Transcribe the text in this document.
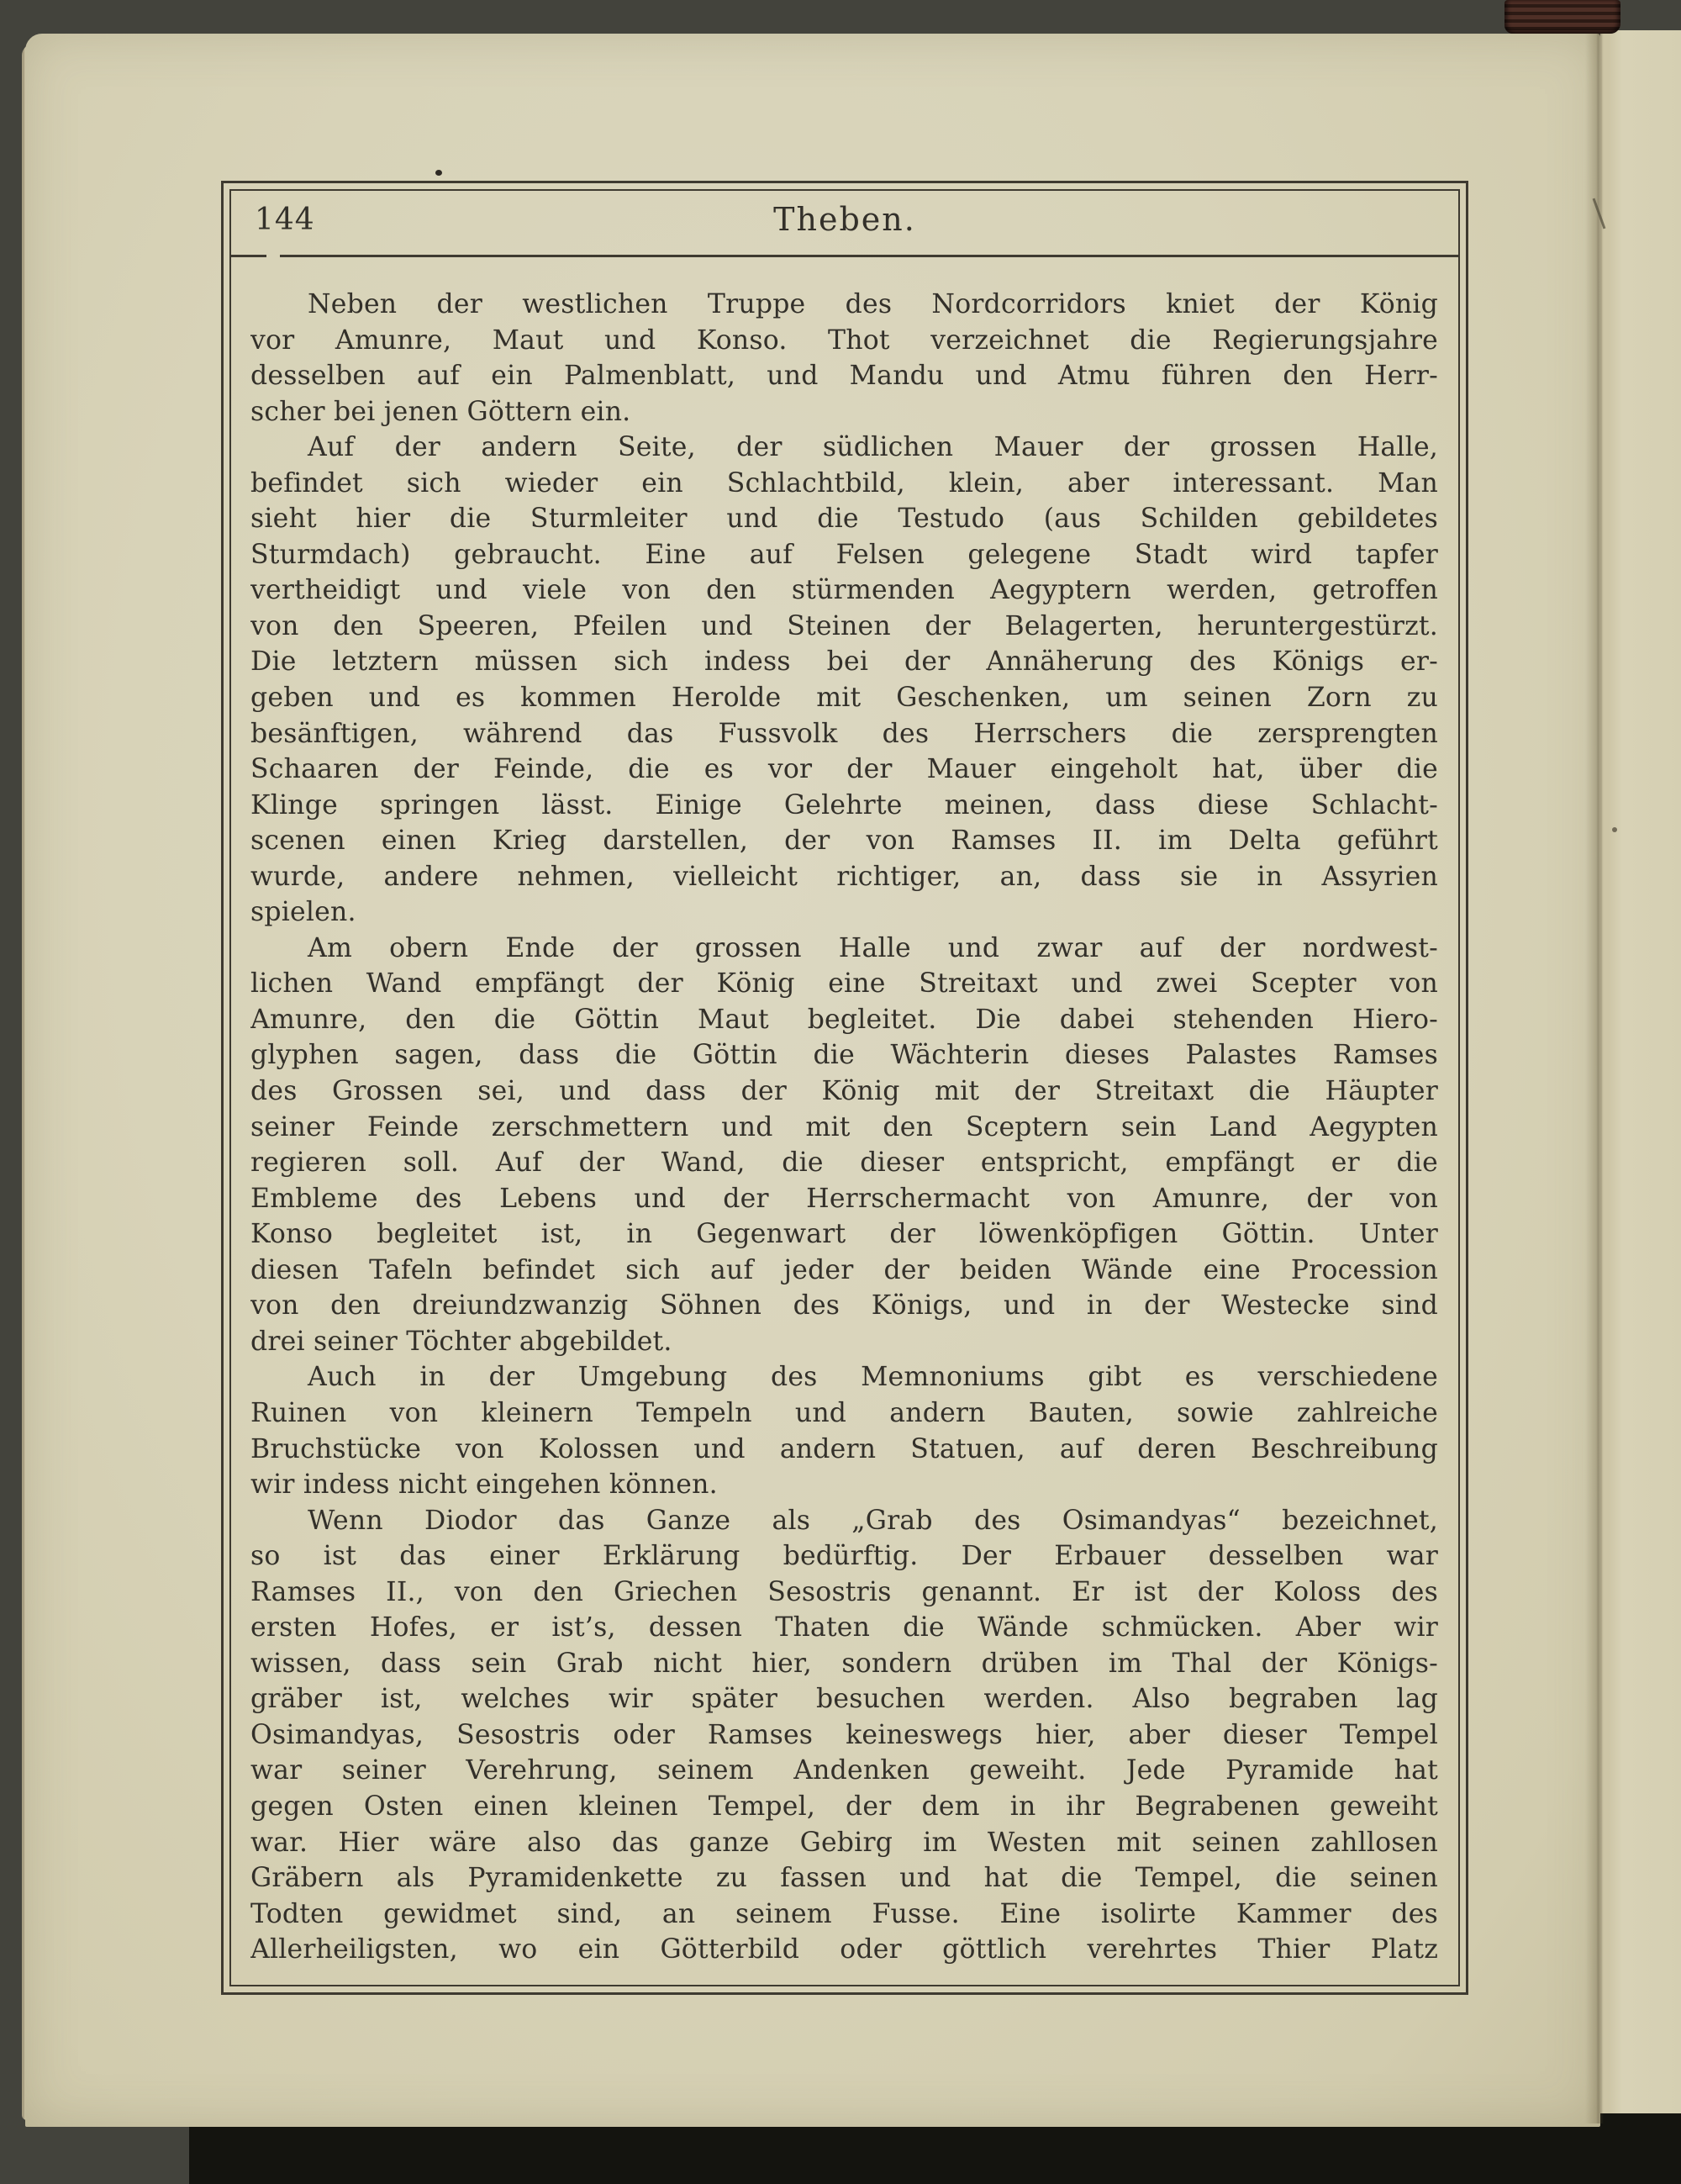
144	Theben.
Neben der westlichen Truppe des Nordcorridors kniet der König
vor Amunre, Maut und Konso. Thot verzeichnet die Regierungsjahre
desselben auf ein Palmenblatt, und Mandu und Atmu führen den Herr-
scher bei jenen Göttern ein.
Auf der andern Seite, der südlichen Mauer der grossen Halle,
befindet sich wieder ein Schlachtbild, klein, aber interessant. Man
sieht hier die Sturmleiter und die Testudo (aus Schilden gebildetes
Sturmdach) gebraucht. Eine auf Felsen gelegene Stadt wird tapfer
vertheidigt und viele von den stürmenden Aegyptern werden, getroffen
von den Speeren, Pfeilen und Steinen der Belagerten, heruntergestürzt.
Die letztern müssen sich indess bei der Annäherung des Königs er-
geben und es kommen Herolde mit Geschenken, um seinen Zorn zu
besänftigen, während das Fussvolk des Herrschers die zersprengten
Schaaren der Feinde, die es vor der Mauer eingeholt hat, über die
Klinge springen lässt. Einige Gelehrte meinen, dass diese Schlacht-
scenen einen Krieg darstellen, der von Ramses II. im Delta geführt
wurde, andere nehmen, vielleicht richtiger, an, dass sie in Assyrien
spielen.
Am obern Ende der grossen Halle und zwar auf der nordwest-
lichen Wand empfängt der König eine Streitaxt und zwei Scepter von
Amunre, den die Göttin Maut begleitet. Die dabei stehenden Hiero-
glyphen sagen, dass die Göttin die Wächterin dieses Palastes Ramses
des Grossen sei, und dass der König mit der Streitaxt die Häupter
seiner Feinde zerschmettern und mit den Sceptern sein Land Aegypten
regieren soll. Auf der Wand, die dieser entspricht, empfängt er die
Embleme des Lebens und der Herrschermacht von Amunre, der von
Konso begleitet ist, in Gegenwart der löwenköpfigen Göttin. Unter
diesen Tafeln befindet sich auf jeder der beiden Wände eine Procession
von den dreiundzwanzig Söhnen des Königs, und in der Westecke sind
drei seiner Töchter abgebildet.
Auch in der Umgebung des Memnoniums gibt es verschiedene
Ruinen von kleinern Tempeln und andern Bauten, sowie zahlreiche
Bruchstücke von Kolossen und andern Statuen, auf deren Beschreibung
wir indess nicht eingehen können.
Wenn Diodor das Ganze als „Grab des Osimandyas“ bezeichnet,
so ist das einer Erklärung bedürftig. Der Erbauer desselben war
Ramses II., von den Griechen Sesostris genannt. Er ist der Koloss des
ersten Hofes, er ist’s, dessen Thaten die Wände schmücken. Aber wir
wissen, dass sein Grab nicht hier, sondern drüben im Thal der Königs-
gräber ist, welches wir später besuchen werden. Also begraben lag
Osimandyas, Sesostris oder Ramses keineswegs hier, aber dieser Tempel
war seiner Verehrung, seinem Andenken geweiht. Jede Pyramide hat
gegen Osten einen kleinen Tempel, der dem in ihr Begrabenen geweiht
war. Hier wäre also das ganze Gebirg im Westen mit seinen zahllosen
Gräbern als Pyramidenkette zu fassen und hat die Tempel, die seinen
Todten gewidmet sind, an seinem Fusse. Eine isolirte Kammer des
Allerheiligsten, wo ein Götterbild oder göttlich verehrtes Thier Platz
